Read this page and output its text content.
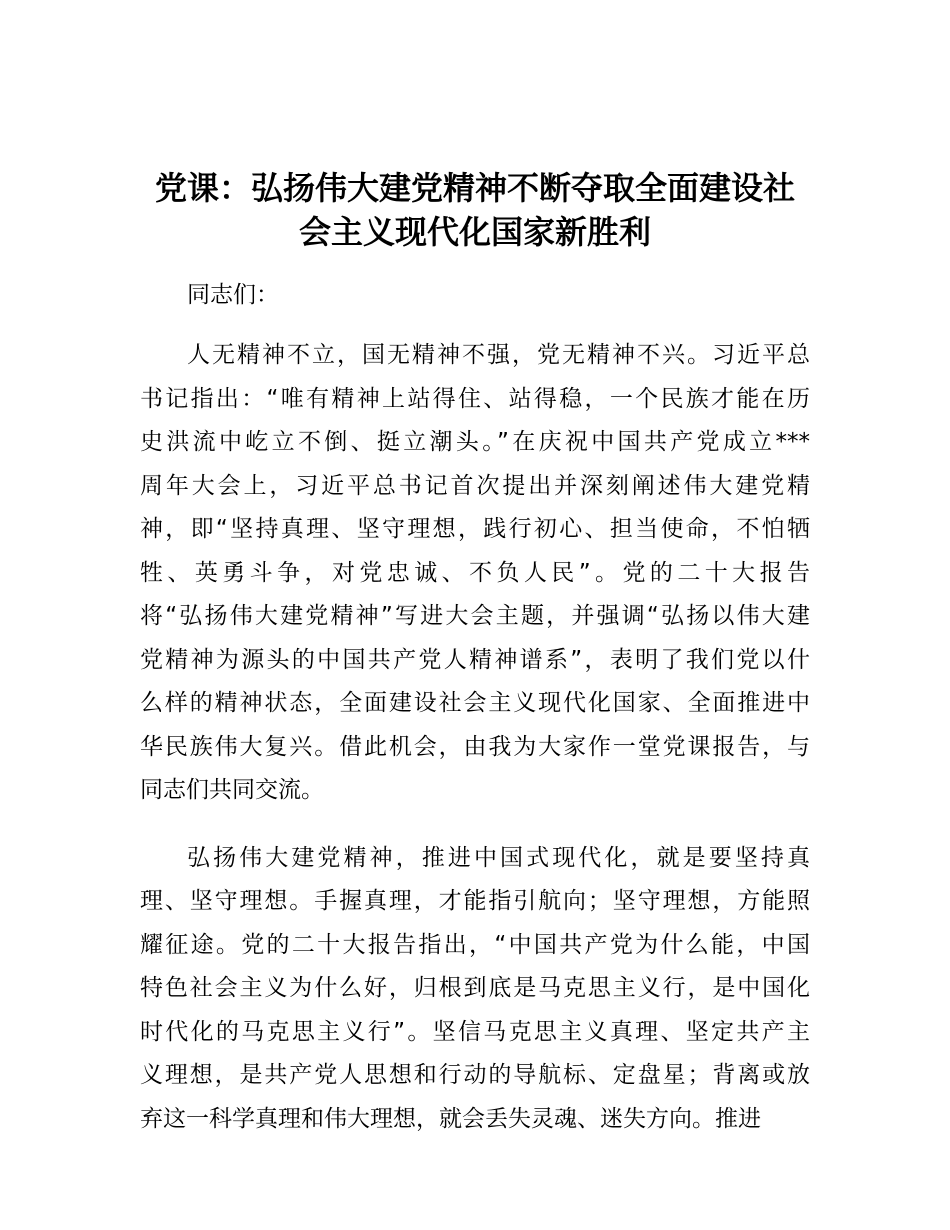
党课：弘扬伟大建党精神不断夺取全面建设社
会主义现代化国家新胜利

同志们：

人无精神不立，国无精神不强，党无精神不兴。习近平总
书记指出：“唯有精神上站得住、站得稳，一个民族才能在历
史洪流中屹立不倒、挺立潮头。”在庆祝中国共产党成立***
周年大会上，习近平总书记首次提出并深刻阐述伟大建党精
神，即“坚持真理、坚守理想，践行初心、担当使命，不怕牺
牲、英勇斗争，对党忠诚、不负人民”。党的二十大报告
将“弘扬伟大建党精神”写进大会主题，并强调“弘扬以伟大建
党精神为源头的中国共产党人精神谱系”，表明了我们党以什
么样的精神状态，全面建设社会主义现代化国家、全面推进中
华民族伟大复兴。借此机会，由我为大家作一堂党课报告，与
同志们共同交流。

弘扬伟大建党精神，推进中国式现代化，就是要坚持真
理、坚守理想。手握真理，才能指引航向；坚守理想，方能照
耀征途。党的二十大报告指出，“中国共产党为什么能，中国
特色社会主义为什么好，归根到底是马克思主义行，是中国化
时代化的马克思主义行”。坚信马克思主义真理、坚定共产主
义理想，是共产党人思想和行动的导航标、定盘星；背离或放
弃这一科学真理和伟大理想，就会丢失灵魂、迷失方向。推进
